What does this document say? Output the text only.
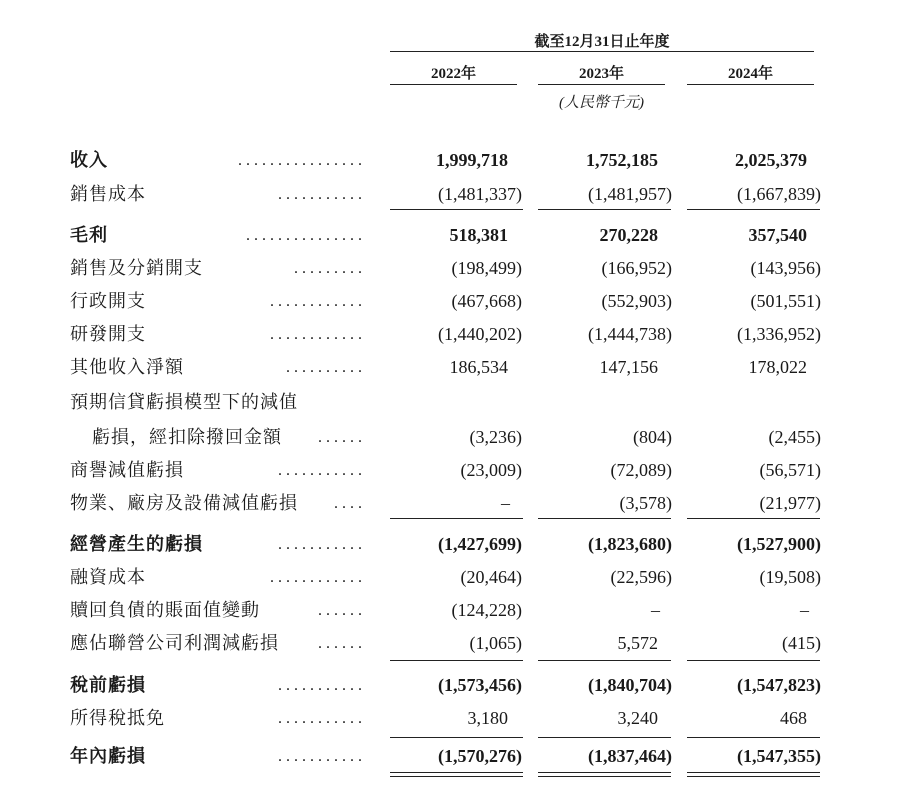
截至12月31日止年度
2022年	2023年	2024年
(人民幣千元)
收入	................	1,999,718	1,752,185	2,025,379
銷售成本	...........	(1,481,337)	(1,481,957)	(1,667,839)
毛利	...............	518,381	270,228	357,540
銷售及分銷開支	.........	(198,499)	(166,952)	(143,956)
行政開支	............	(467,668)	(552,903)	(501,551)
研發開支	............	(1,440,202)	(1,444,738)	(1,336,952)
其他收入淨額	..........	186,534	147,156	178,022
預期信貸虧損模型下的減值
虧損，經扣除撥回金額 ......	(3,236)	(804)	(2,455)
商譽減值虧損	...........	(23,009)	(72,089)	(56,571)
物業、廠房及設備減值虧損 ....	–	(3,578)	(21,977)
經營產生的虧損	...........	(1,427,699)	(1,823,680)	(1,527,900)
融資成本	............	(20,464)	(22,596)	(19,508)
贖回負債的賬面值變動	......	(124,228)	–	–
應佔聯營公司利潤減虧損 ......	(1,065)	5,572	(415)
稅前虧損	...........	(1,573,456)	(1,840,704)	(1,547,823)
所得稅抵免	...........	3,180	3,240	468
年內虧損	...........	(1,570,276)	(1,837,464)	(1,547,355)
